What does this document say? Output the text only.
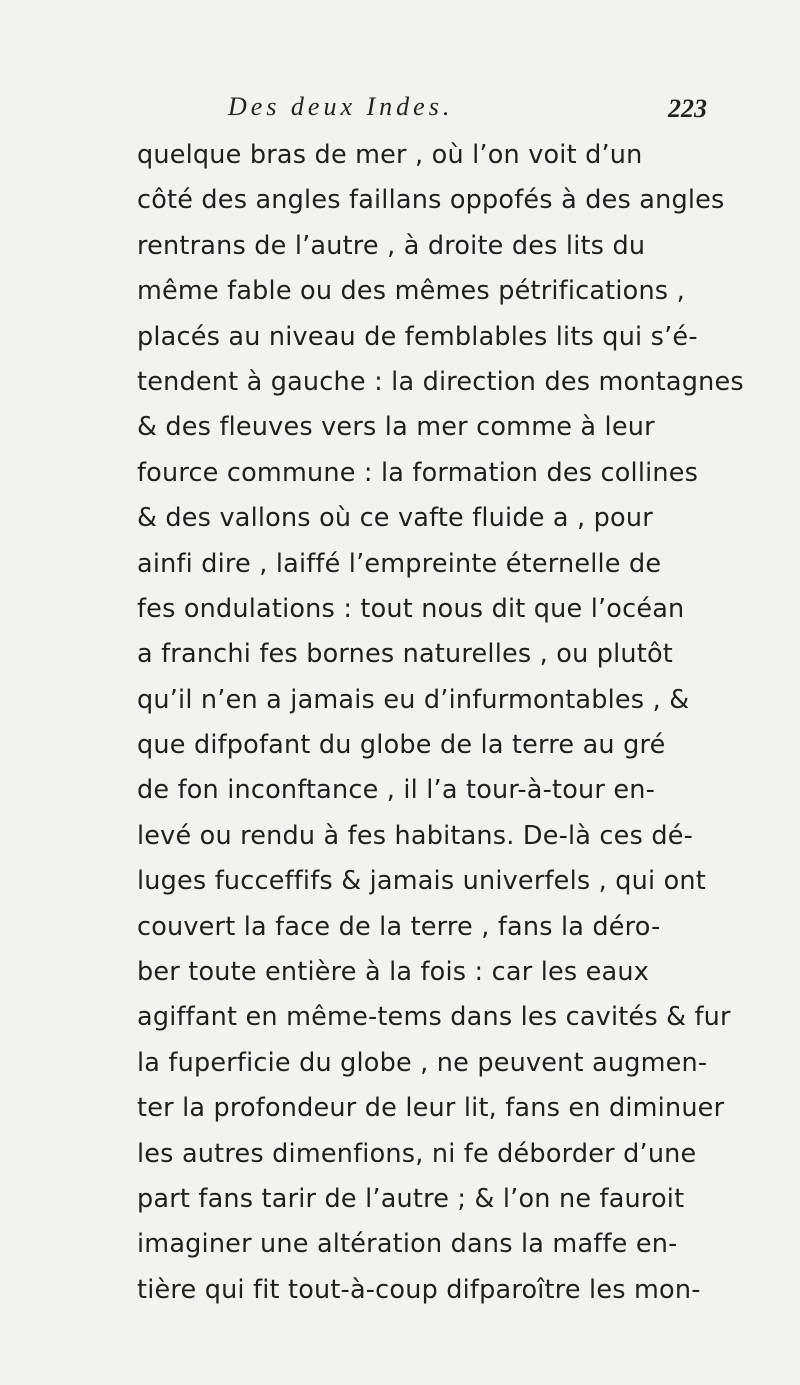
Des deux Indes.	223
quelque bras de mer , où l’on voit d’un
côté des angles faillans oppofés à des angles
rentrans de l’autre , à droite des lits du
même fable ou des mêmes pétrifications ,
placés au niveau de femblables lits qui s’é-
tendent à gauche : la direction des montagnes
& des fleuves vers la mer comme à leur
fource commune : la formation des collines
& des vallons où ce vafte fluide a , pour
ainfi dire , laiffé l’empreinte éternelle de
fes ondulations : tout nous dit que l’océan
a franchi fes bornes naturelles , ou plutôt
qu’il n’en a jamais eu d’infurmontables , &
que difpofant du globe de la terre au gré
de fon inconftance , il l’a tour-à-tour en-
levé ou rendu à fes habitans. De-là ces dé-
luges fucceffifs & jamais univerfels , qui ont
couvert la face de la terre , fans la déro-
ber toute entière à la fois : car les eaux
agiffant en même-tems dans les cavités & fur
la fuperficie du globe , ne peuvent augmen-
ter la profondeur de leur lit, fans en diminuer
les autres dimenfions, ni fe déborder d’une
part fans tarir de l’autre ; & l’on ne fauroit
imaginer une altération dans la maffe en-
tière qui fit tout-à-coup difparoître les mon-
